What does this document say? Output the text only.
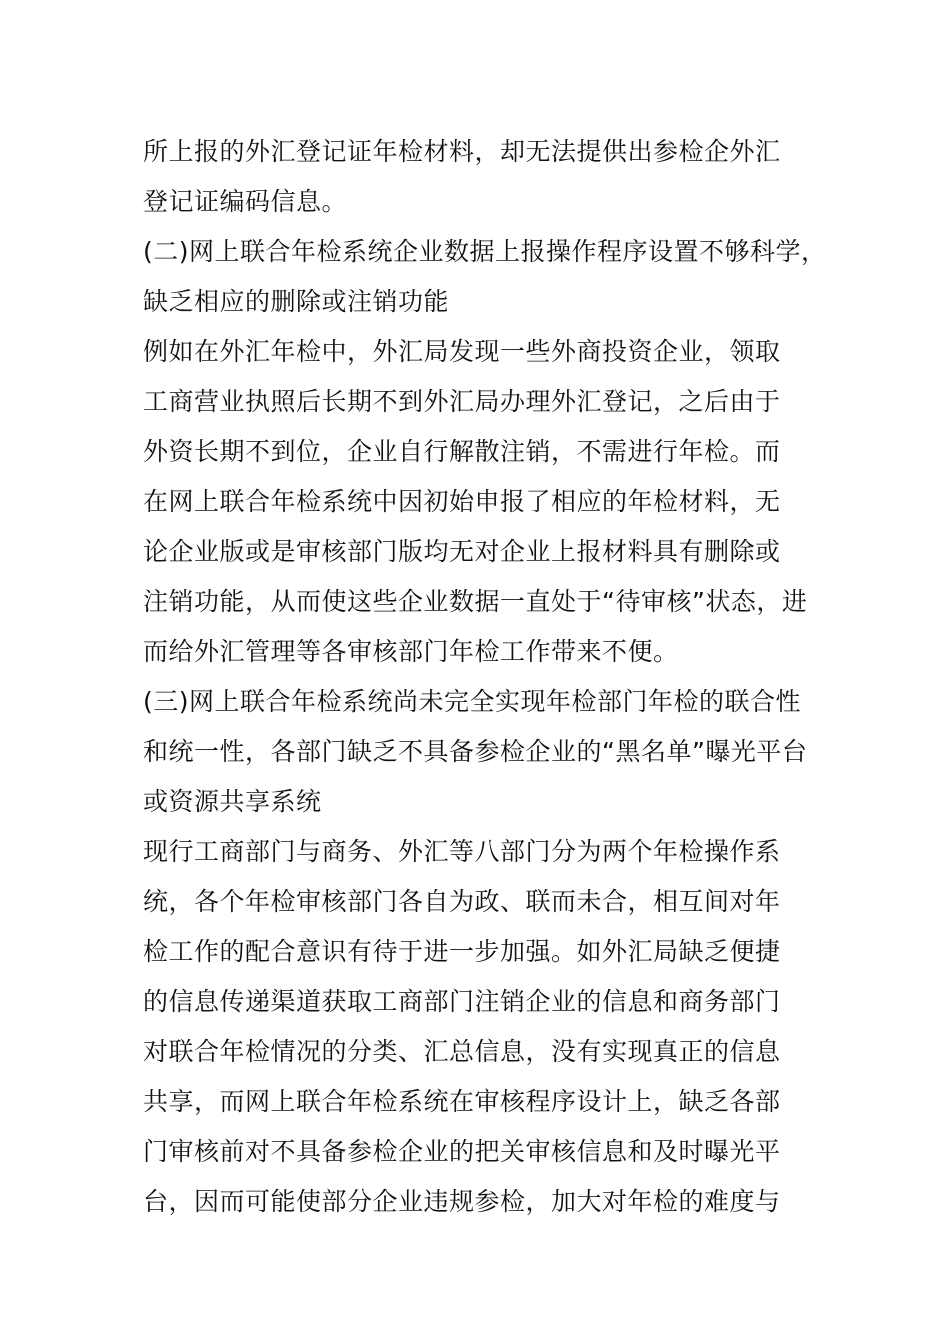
所上报的外汇登记证年检材料，却无法提供出参检企外汇
登记证编码信息。
(二)网上联合年检系统企业数据上报操作程序设置不够科学，
缺乏相应的删除或注销功能
例如在外汇年检中，外汇局发现一些外商投资企业，领取
工商营业执照后长期不到外汇局办理外汇登记，之后由于
外资长期不到位，企业自行解散注销，不需进行年检。而
在网上联合年检系统中因初始申报了相应的年检材料，无
论企业版或是审核部门版均无对企业上报材料具有删除或
注销功能，从而使这些企业数据一直处于“待审核”状态，进
而给外汇管理等各审核部门年检工作带来不便。
(三)网上联合年检系统尚未完全实现年检部门年检的联合性
和统一性，各部门缺乏不具备参检企业的“黑名单”曝光平台
或资源共享系统
现行工商部门与商务、外汇等八部门分为两个年检操作系
统，各个年检审核部门各自为政、联而未合，相互间对年
检工作的配合意识有待于进一步加强。如外汇局缺乏便捷
的信息传递渠道获取工商部门注销企业的信息和商务部门
对联合年检情况的分类、汇总信息，没有实现真正的信息
共享，而网上联合年检系统在审核程序设计上，缺乏各部
门审核前对不具备参检企业的把关审核信息和及时曝光平
台，因而可能使部分企业违规参检，加大对年检的难度与
